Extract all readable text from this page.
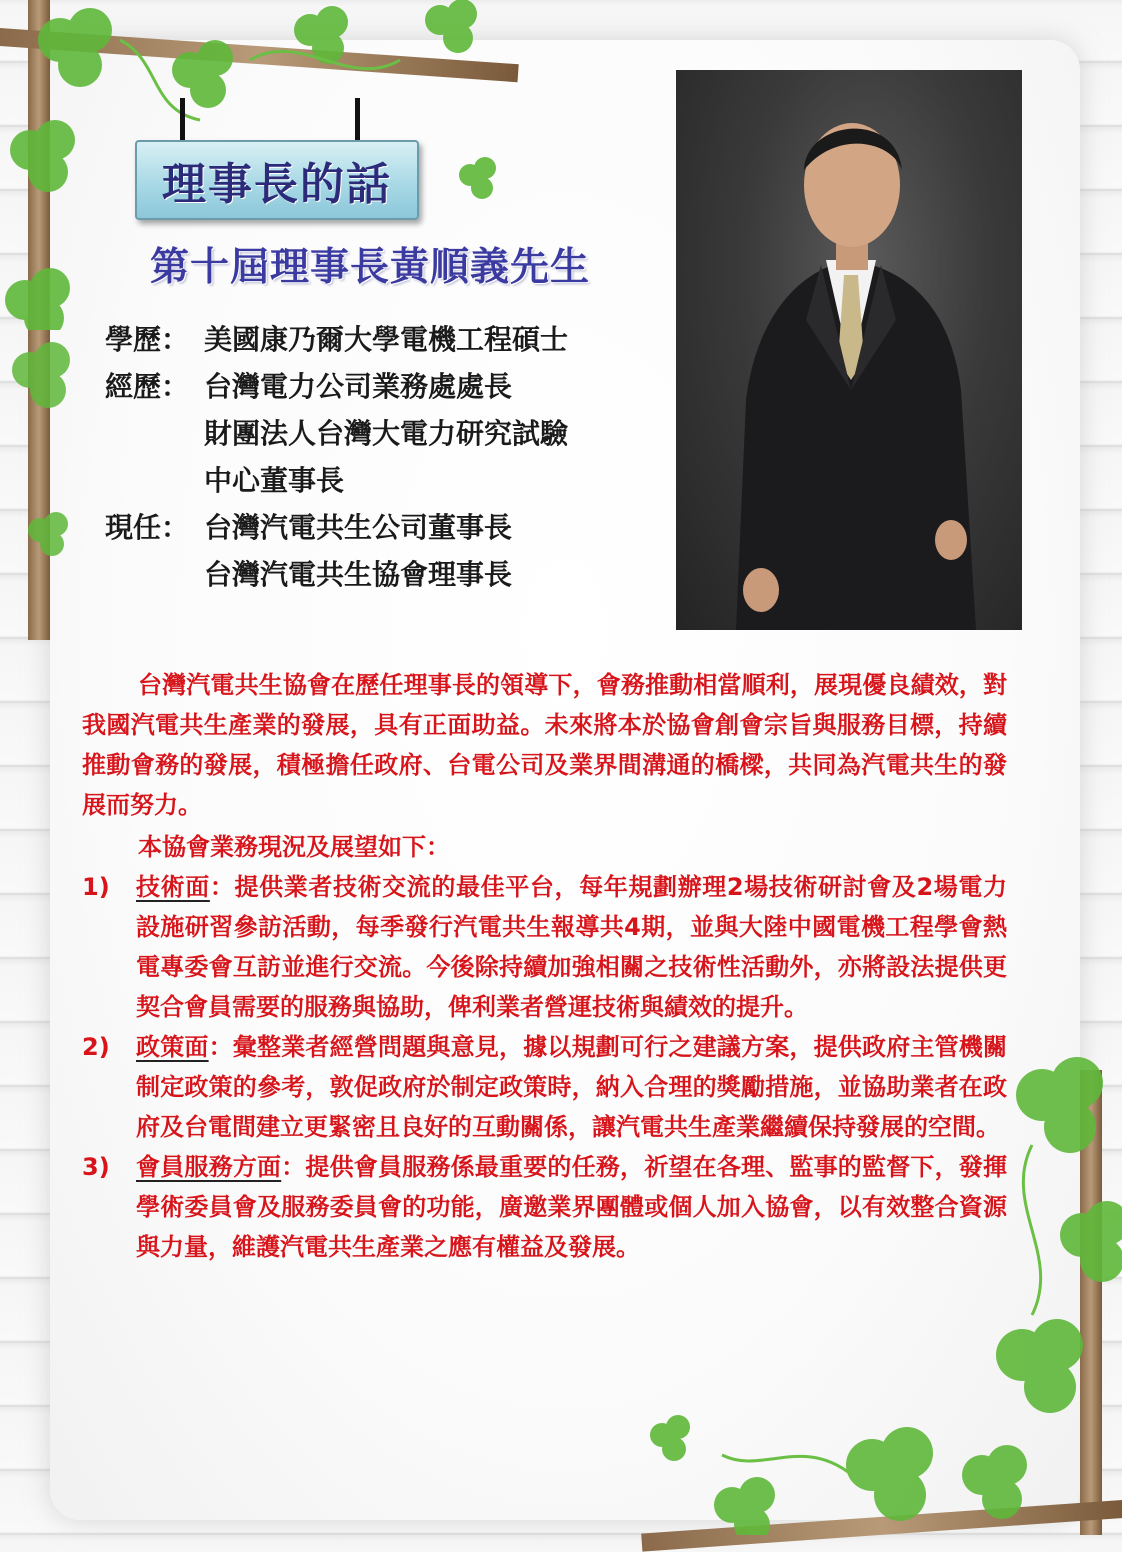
理事長的話
第十屆理事長黃順義先生
學歷： 美國康乃爾大學電機工程碩士
經歷： 台灣電力公司業務處處長
財團法人台灣大電力研究試驗
中心董事長
現任： 台灣汽電共生公司董事長
台灣汽電共生協會理事長

台灣汽電共生協會在歷任理事長的領導下，會務推動相當順利，展現優良績效，對我國汽電共生產業的發展，具有正面助益。未來將本於協會創會宗旨與服務目標，持續推動會務的發展，積極擔任政府、台電公司及業界間溝通的橋樑，共同為汽電共生的發展而努力。

本協會業務現況及展望如下：

1)	技術面：提供業者技術交流的最佳平台，每年規劃辦理2場技術研討會及2場電力設施研習參訪活動，每季發行汽電共生報導共4期，並與大陸中國電機工程學會熱電專委會互訪並進行交流。今後除持續加強相關之技術性活動外，亦將設法提供更契合會員需要的服務與協助，俾利業者營運技術與績效的提升。
2)	政策面：彙整業者經營問題與意見，據以規劃可行之建議方案，提供政府主管機關制定政策的參考，敦促政府於制定政策時，納入合理的獎勵措施，並協助業者在政府及台電間建立更緊密且良好的互動關係，讓汽電共生產業繼續保持發展的空間。
3)	會員服務方面：提供會員服務係最重要的任務，祈望在各理、監事的監督下，發揮學術委員會及服務委員會的功能，廣邀業界團體或個人加入協會，以有效整合資源與力量，維護汽電共生產業之應有權益及發展。
